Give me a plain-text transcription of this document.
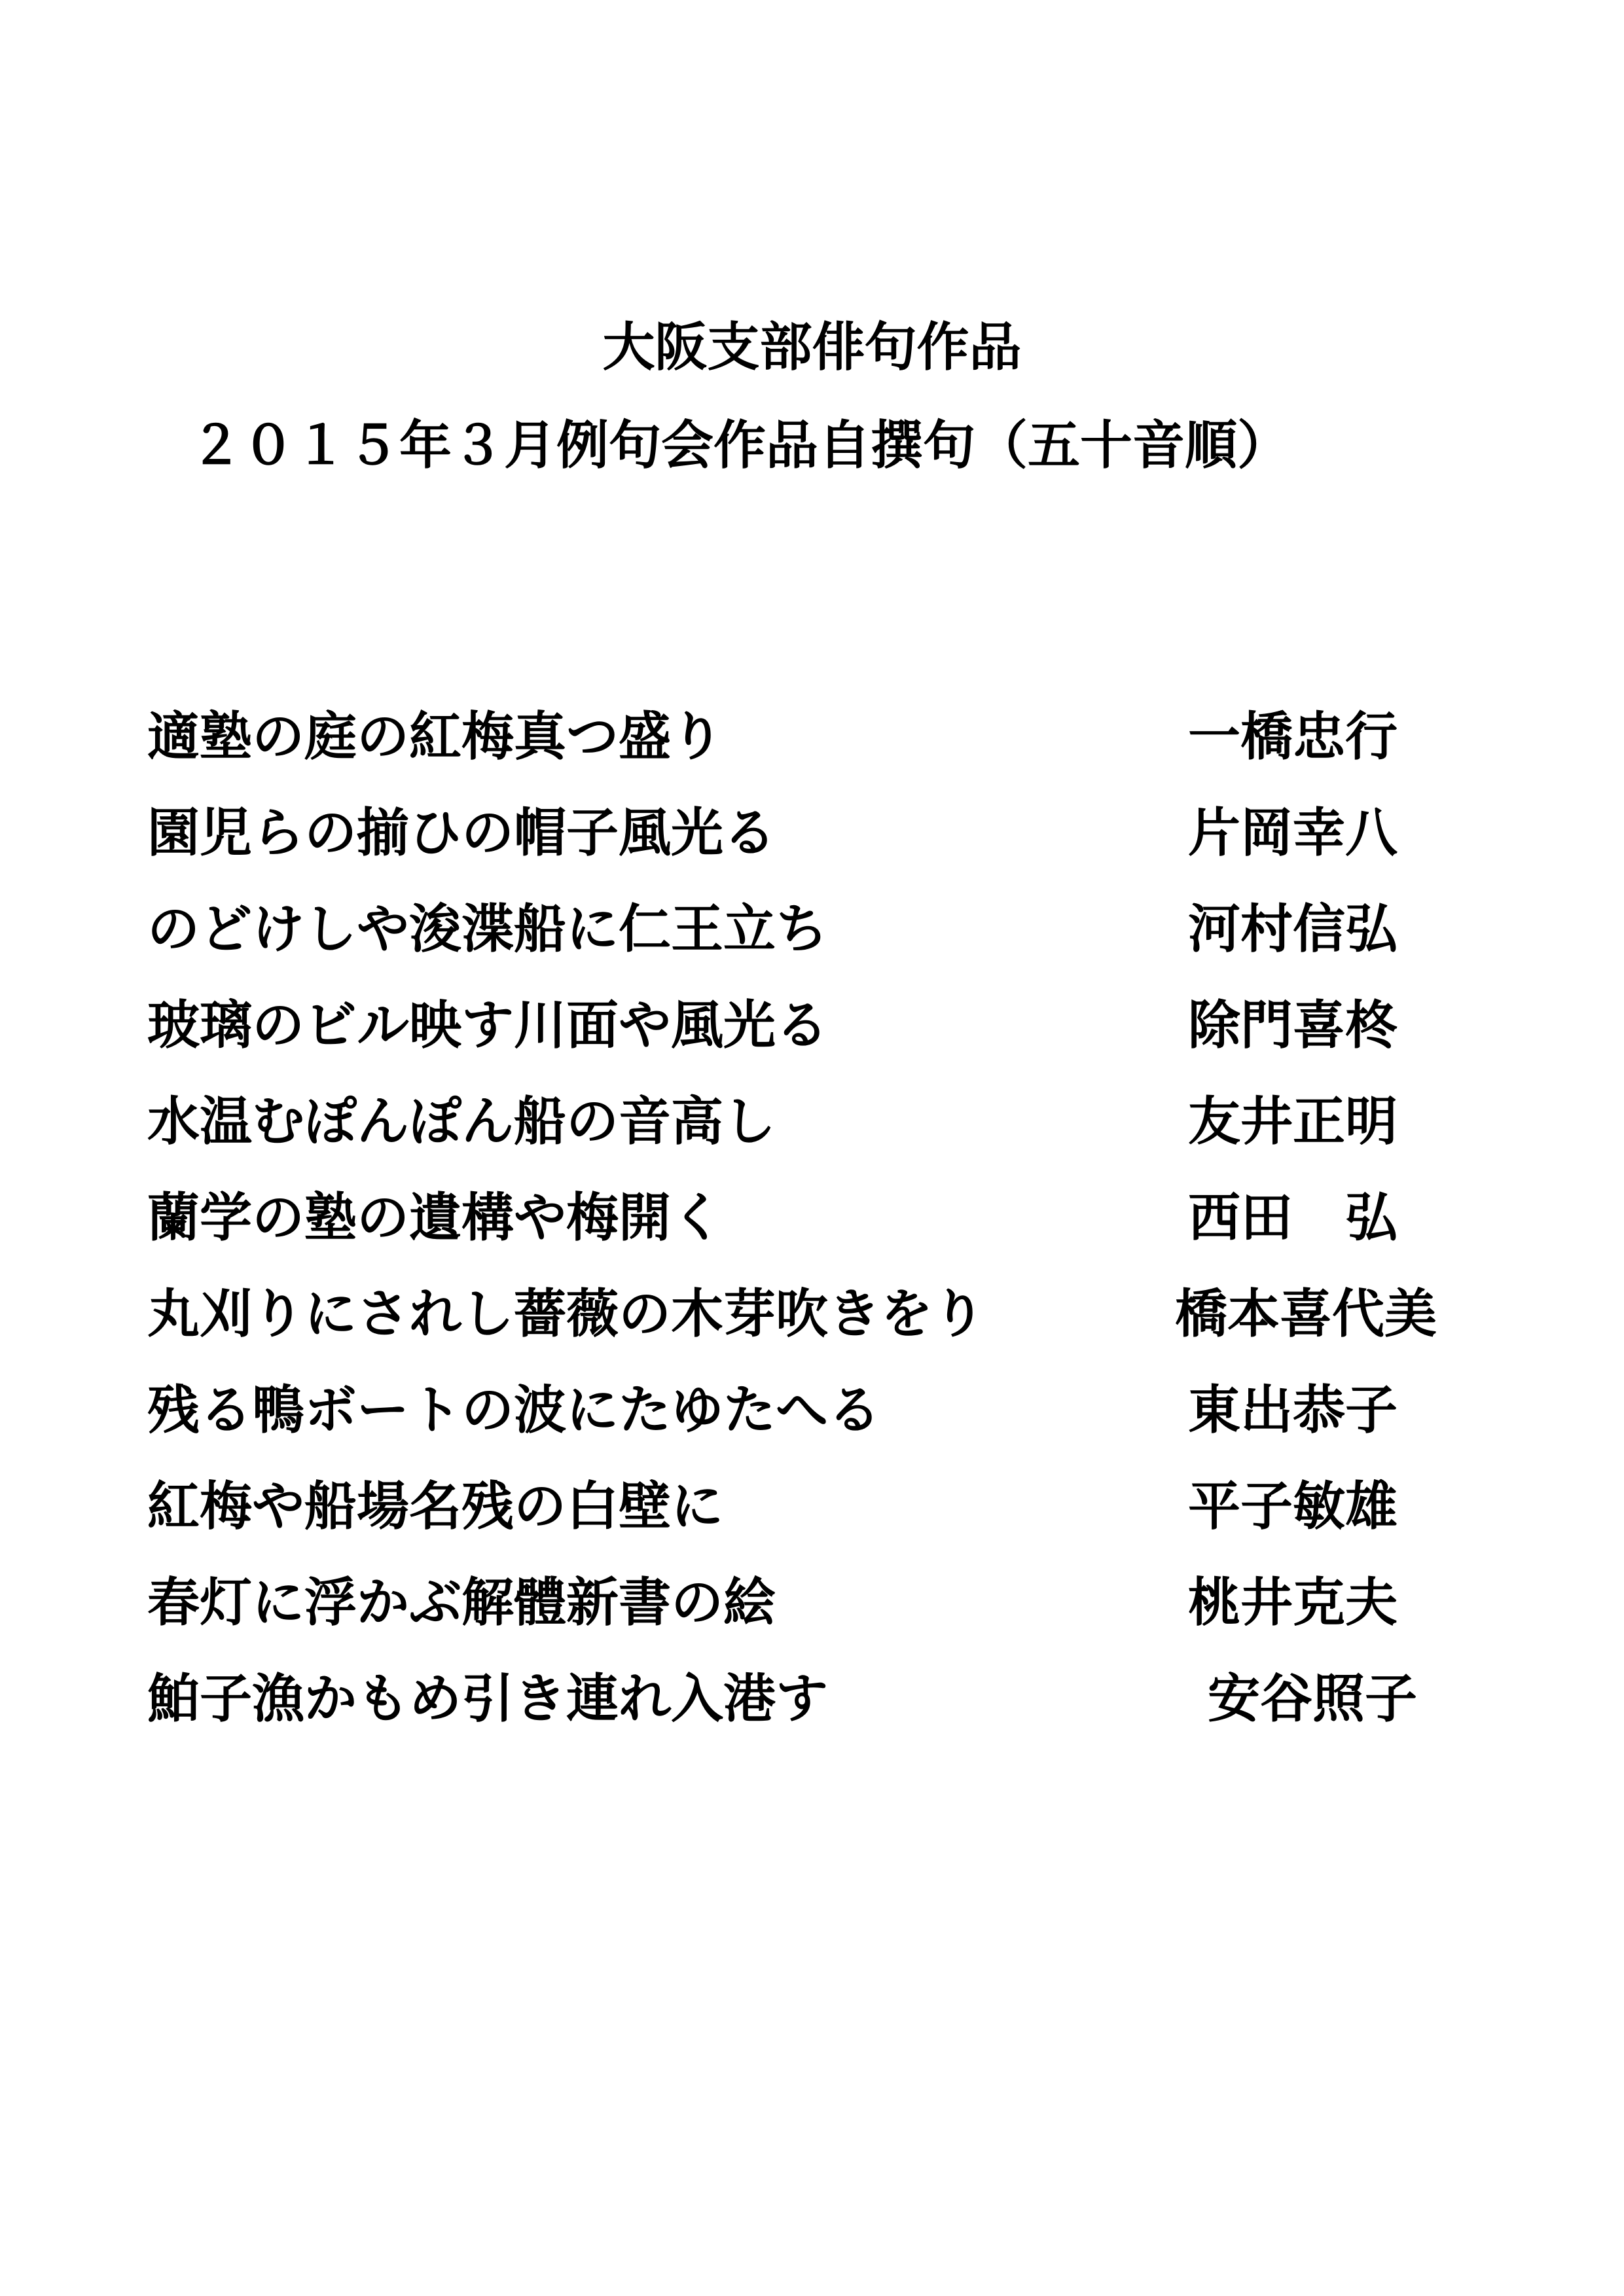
大阪支部俳句作品
２０１５年３月例句会作品自撰句（五十音順）
適塾の庭の紅梅真つ盛り	一橋忠行
園児らの揃ひの帽子風光る	片岡幸八
のどけしや浚渫船に仁王立ち	河村信弘
玻璃のビル映す川面や風光る	除門喜柊
水温むぽんぽん船の音高し	友井正明
蘭学の塾の遺構や梅開く	西田　弘
丸刈りにされし薔薇の木芽吹きをり	橋本喜代美
残る鴨ボートの波にたゆたへる	東出恭子
紅梅や船場名残の白壁に	平子敏雄
春灯に浮かぶ解體新書の絵	桃井克夫
鮊子漁かもめ引き連れ入港す	安谷照子
